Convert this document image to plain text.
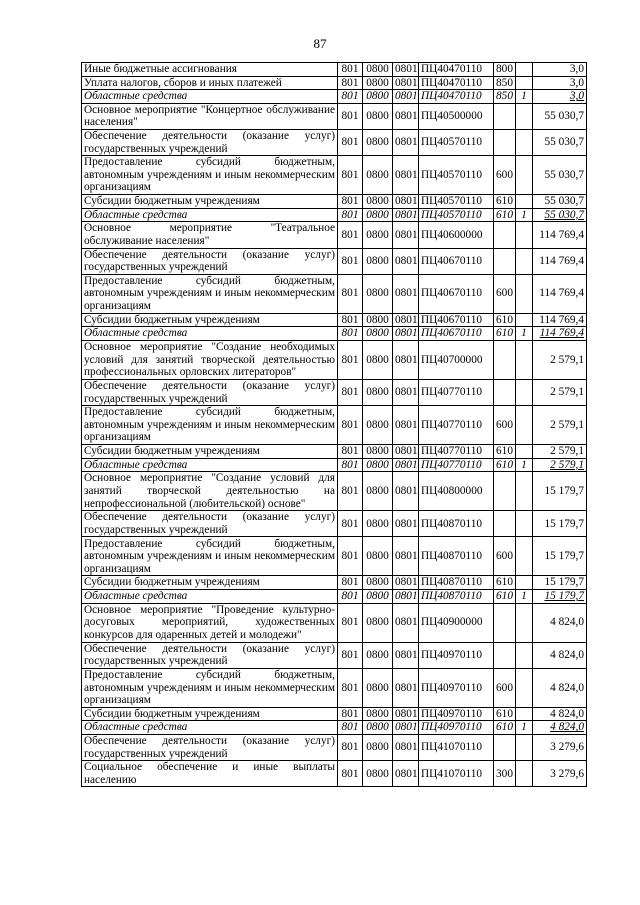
87
Иные бюджетные ассигнования	801	0800	0801	ПЦ40470110	800		3,0
Уплата налогов, сборов и иных платежей	801	0800	0801	ПЦ40470110	850		3,0
Областные средства	801	0800	0801	ПЦ40470110	850	1	3,0
Основное мероприятие "Концертное обслуживание населения"	801	0800	0801	ПЦ40500000			55 030,7
Обеспечение деятельности (оказание услуг) государственных учреждений	801	0800	0801	ПЦ40570110			55 030,7
Предоставление субсидий бюджетным, автономным учреждениям и иным некоммерческим организациям	801	0800	0801	ПЦ40570110	600		55 030,7
Субсидии бюджетным учреждениям	801	0800	0801	ПЦ40570110	610		55 030,7
Областные средства	801	0800	0801	ПЦ40570110	610	1	55 030,7
Основное мероприятие "Театральное обслуживание населения"	801	0800	0801	ПЦ40600000			114 769,4
Обеспечение деятельности (оказание услуг) государственных учреждений	801	0800	0801	ПЦ40670110			114 769,4
Предоставление субсидий бюджетным, автономным учреждениям и иным некоммерческим организациям	801	0800	0801	ПЦ40670110	600		114 769,4
Субсидии бюджетным учреждениям	801	0800	0801	ПЦ40670110	610		114 769,4
Областные средства	801	0800	0801	ПЦ40670110	610	1	114 769,4
Основное мероприятие "Создание необходимых условий для занятий творческой деятельностью профессиональных орловских литераторов"	801	0800	0801	ПЦ40700000			2 579,1
Обеспечение деятельности (оказание услуг) государственных учреждений	801	0800	0801	ПЦ40770110			2 579,1
Предоставление субсидий бюджетным, автономным учреждениям и иным некоммерческим организациям	801	0800	0801	ПЦ40770110	600		2 579,1
Субсидии бюджетным учреждениям	801	0800	0801	ПЦ40770110	610		2 579,1
Областные средства	801	0800	0801	ПЦ40770110	610	1	2 579,1
Основное мероприятие "Создание условий для занятий творческой деятельностью на непрофессиональной (любительской) основе"	801	0800	0801	ПЦ40800000			15 179,7
Обеспечение деятельности (оказание услуг) государственных учреждений	801	0800	0801	ПЦ40870110			15 179,7
Предоставление субсидий бюджетным, автономным учреждениям и иным некоммерческим организациям	801	0800	0801	ПЦ40870110	600		15 179,7
Субсидии бюджетным учреждениям	801	0800	0801	ПЦ40870110	610		15 179,7
Областные средства	801	0800	0801	ПЦ40870110	610	1	15 179,7
Основное мероприятие "Проведение культурно-досуговых мероприятий, художественных конкурсов для одаренных детей и молодежи"	801	0800	0801	ПЦ40900000			4 824,0
Обеспечение деятельности (оказание услуг) государственных учреждений	801	0800	0801	ПЦ40970110			4 824,0
Предоставление субсидий бюджетным, автономным учреждениям и иным некоммерческим организациям	801	0800	0801	ПЦ40970110	600		4 824,0
Субсидии бюджетным учреждениям	801	0800	0801	ПЦ40970110	610		4 824,0
Областные средства	801	0800	0801	ПЦ40970110	610	1	4 824,0
Обеспечение деятельности (оказание услуг) государственных учреждений	801	0800	0801	ПЦ41070110			3 279,6
Социальное обеспечение и иные выплаты населению	801	0800	0801	ПЦ41070110	300		3 279,6
